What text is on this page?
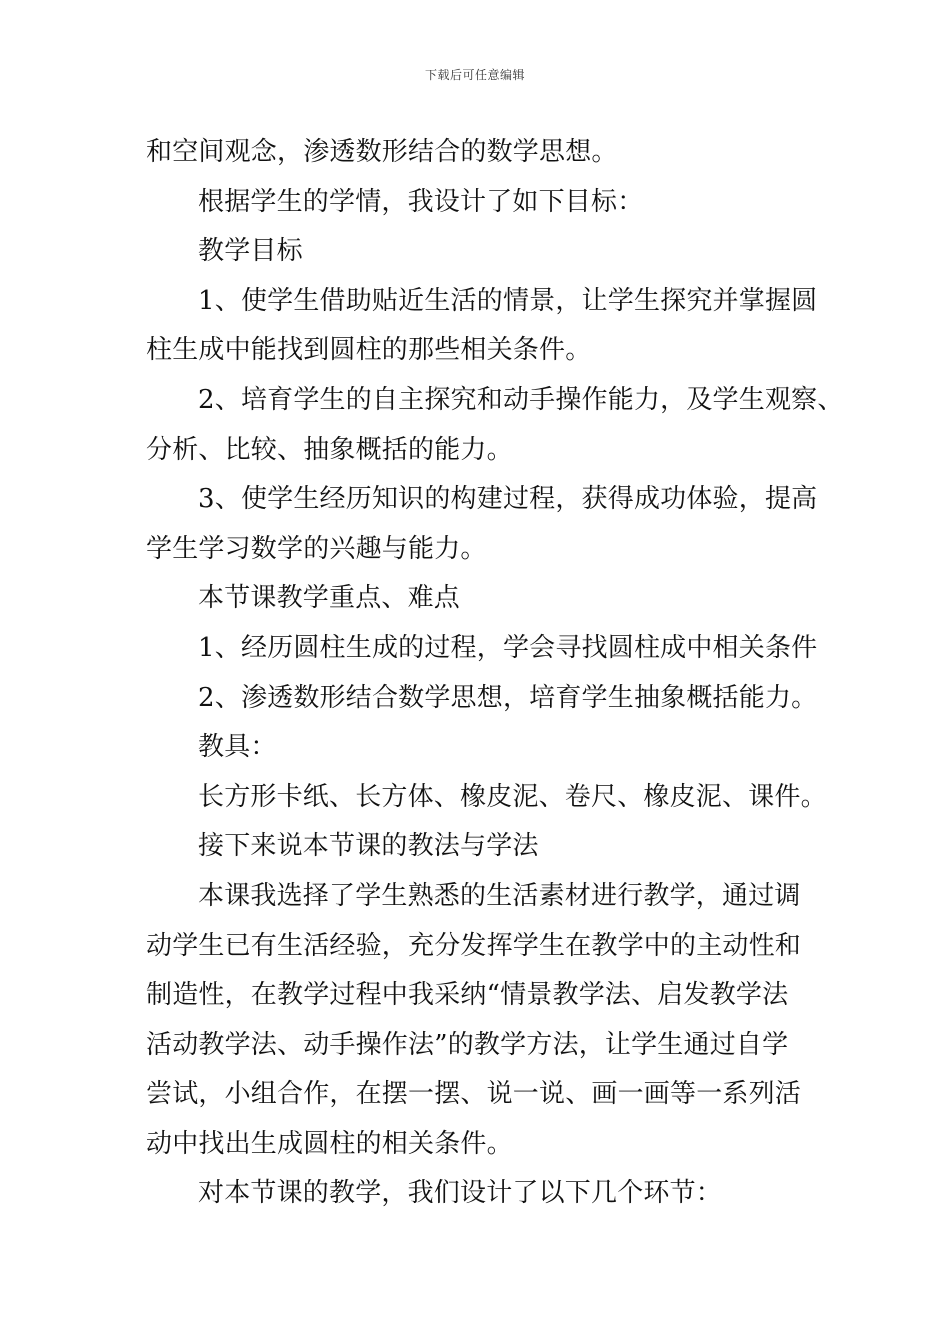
下载后可任意编辑
和空间观念，渗透数形结合的数学思想。
根据学生的学情，我设计了如下目标：
教学目标
1、使学生借助贴近生活的情景，让学生探究并掌握圆
柱生成中能找到圆柱的那些相关条件。
2、培育学生的自主探究和动手操作能力，及学生观察、
分析、比较、抽象概括的能力。
3、使学生经历知识的构建过程，获得成功体验，提高
学生学习数学的兴趣与能力。
本节课教学重点、难点
1、经历圆柱生成的过程，学会寻找圆柱成中相关条件
2、渗透数形结合数学思想，培育学生抽象概括能力。
教具：
长方形卡纸、长方体、橡皮泥、卷尺、橡皮泥、课件。
接下来说本节课的教法与学法
本课我选择了学生熟悉的生活素材进行教学，通过调
动学生已有生活经验，充分发挥学生在教学中的主动性和
制造性，在教学过程中我采纳“情景教学法、启发教学法
活动教学法、动手操作法”的教学方法，让学生通过自学
尝试，小组合作，在摆一摆、说一说、画一画等一系列活
动中找出生成圆柱的相关条件。
对本节课的教学，我们设计了以下几个环节：
